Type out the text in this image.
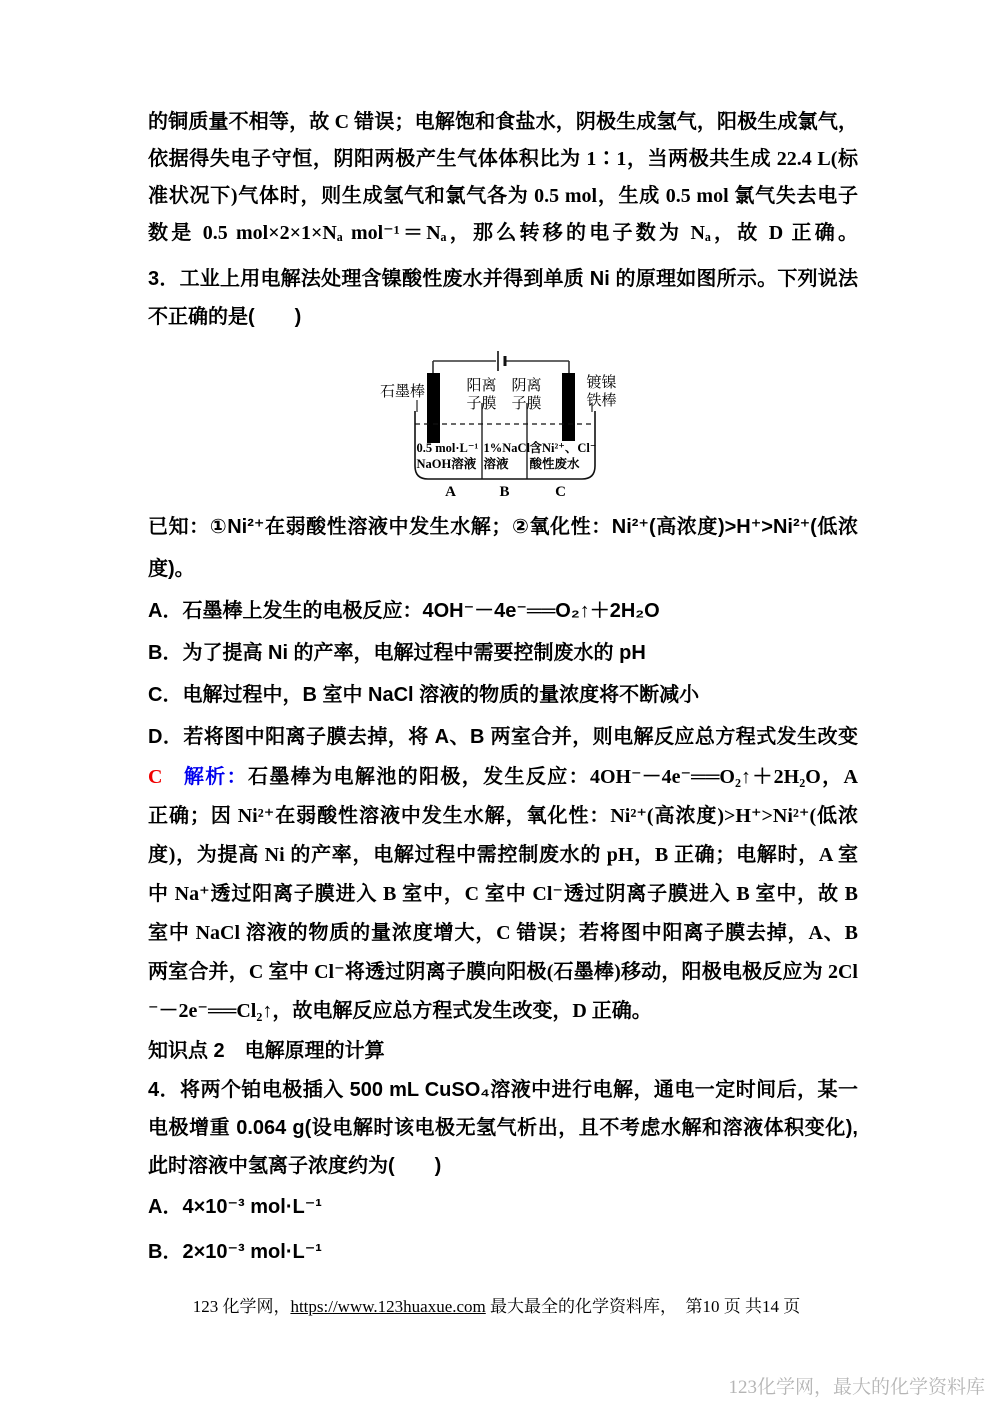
的铜质量不相等，故 C 错误；电解饱和食盐水，阴极生成氢气，阳极生成氯气，
依据得失电子守恒，阴阳两极产生气体体积比为 1∶1，当两极共生成 22.4 L(标
准状况下)气体时，则生成氢气和氯气各为 0.5 mol，生成 0.5 mol 氯气失去电子
数是 0.5 mol×2×1×Nₐ mol⁻¹＝Nₐ，那么转移的电子数为 Nₐ，故 D 正确。
3．工业上用电解法处理含镍酸性废水并得到单质 Ni 的原理如图所示。下列说法
不正确的是(　　)
石墨棒	阳离
子膜
阴离
子膜
镀镍
铁棒
0.5 mol·L⁻¹
NaOH溶液
1%NaCl
溶液
含Ni²⁺、Cl⁻
酸性废水
A	B	C
已知：①Ni²⁺在弱酸性溶液中发生水解；②氧化性：Ni²⁺(高浓度)>H⁺>Ni²⁺(低浓
度)。
A．石墨棒上发生的电极反应：4OH⁻－4e⁻══O₂↑＋2H₂O
B．为了提高 Ni 的产率，电解过程中需要控制废水的 pH
C．电解过程中，B 室中 NaCl 溶液的物质的量浓度将不断减小
D．若将图中阳离子膜去掉，将 A、B 两室合并，则电解反应总方程式发生改变
C 解析：石墨棒为电解池的阳极，发生反应：4OH⁻－4e⁻══O₂↑＋2H₂O，A
正确；因 Ni²⁺在弱酸性溶液中发生水解，氧化性：Ni²⁺(高浓度)>H⁺>Ni²⁺(低浓
度)，为提高 Ni 的产率，电解过程中需控制废水的 pH，B 正确；电解时，A 室
中 Na⁺透过阳离子膜进入 B 室中，C 室中 Cl⁻透过阴离子膜进入 B 室中，故 B
室中 NaCl 溶液的物质的量浓度增大，C 错误；若将图中阳离子膜去掉，A、B
两室合并，C 室中 Cl⁻将透过阴离子膜向阳极(石墨棒)移动，阳极电极反应为 2Cl
⁻－2e⁻══Cl₂↑，故电解反应总方程式发生改变，D 正确。
知识点 2　电解原理的计算
4．将两个铂电极插入 500 mL CuSO₄溶液中进行电解，通电一定时间后，某一
电极增重 0.064 g(设电解时该电极无氢气析出，且不考虑水解和溶液体积变化),
此时溶液中氢离子浓度约为(　　)
A．4×10⁻³ mol·L⁻¹
B．2×10⁻³ mol·L⁻¹
123 化学网，https://www.123huaxue.com 最大最全的化学资料库，　第10 页 共14 页
123化学网，最大的化学资料库
